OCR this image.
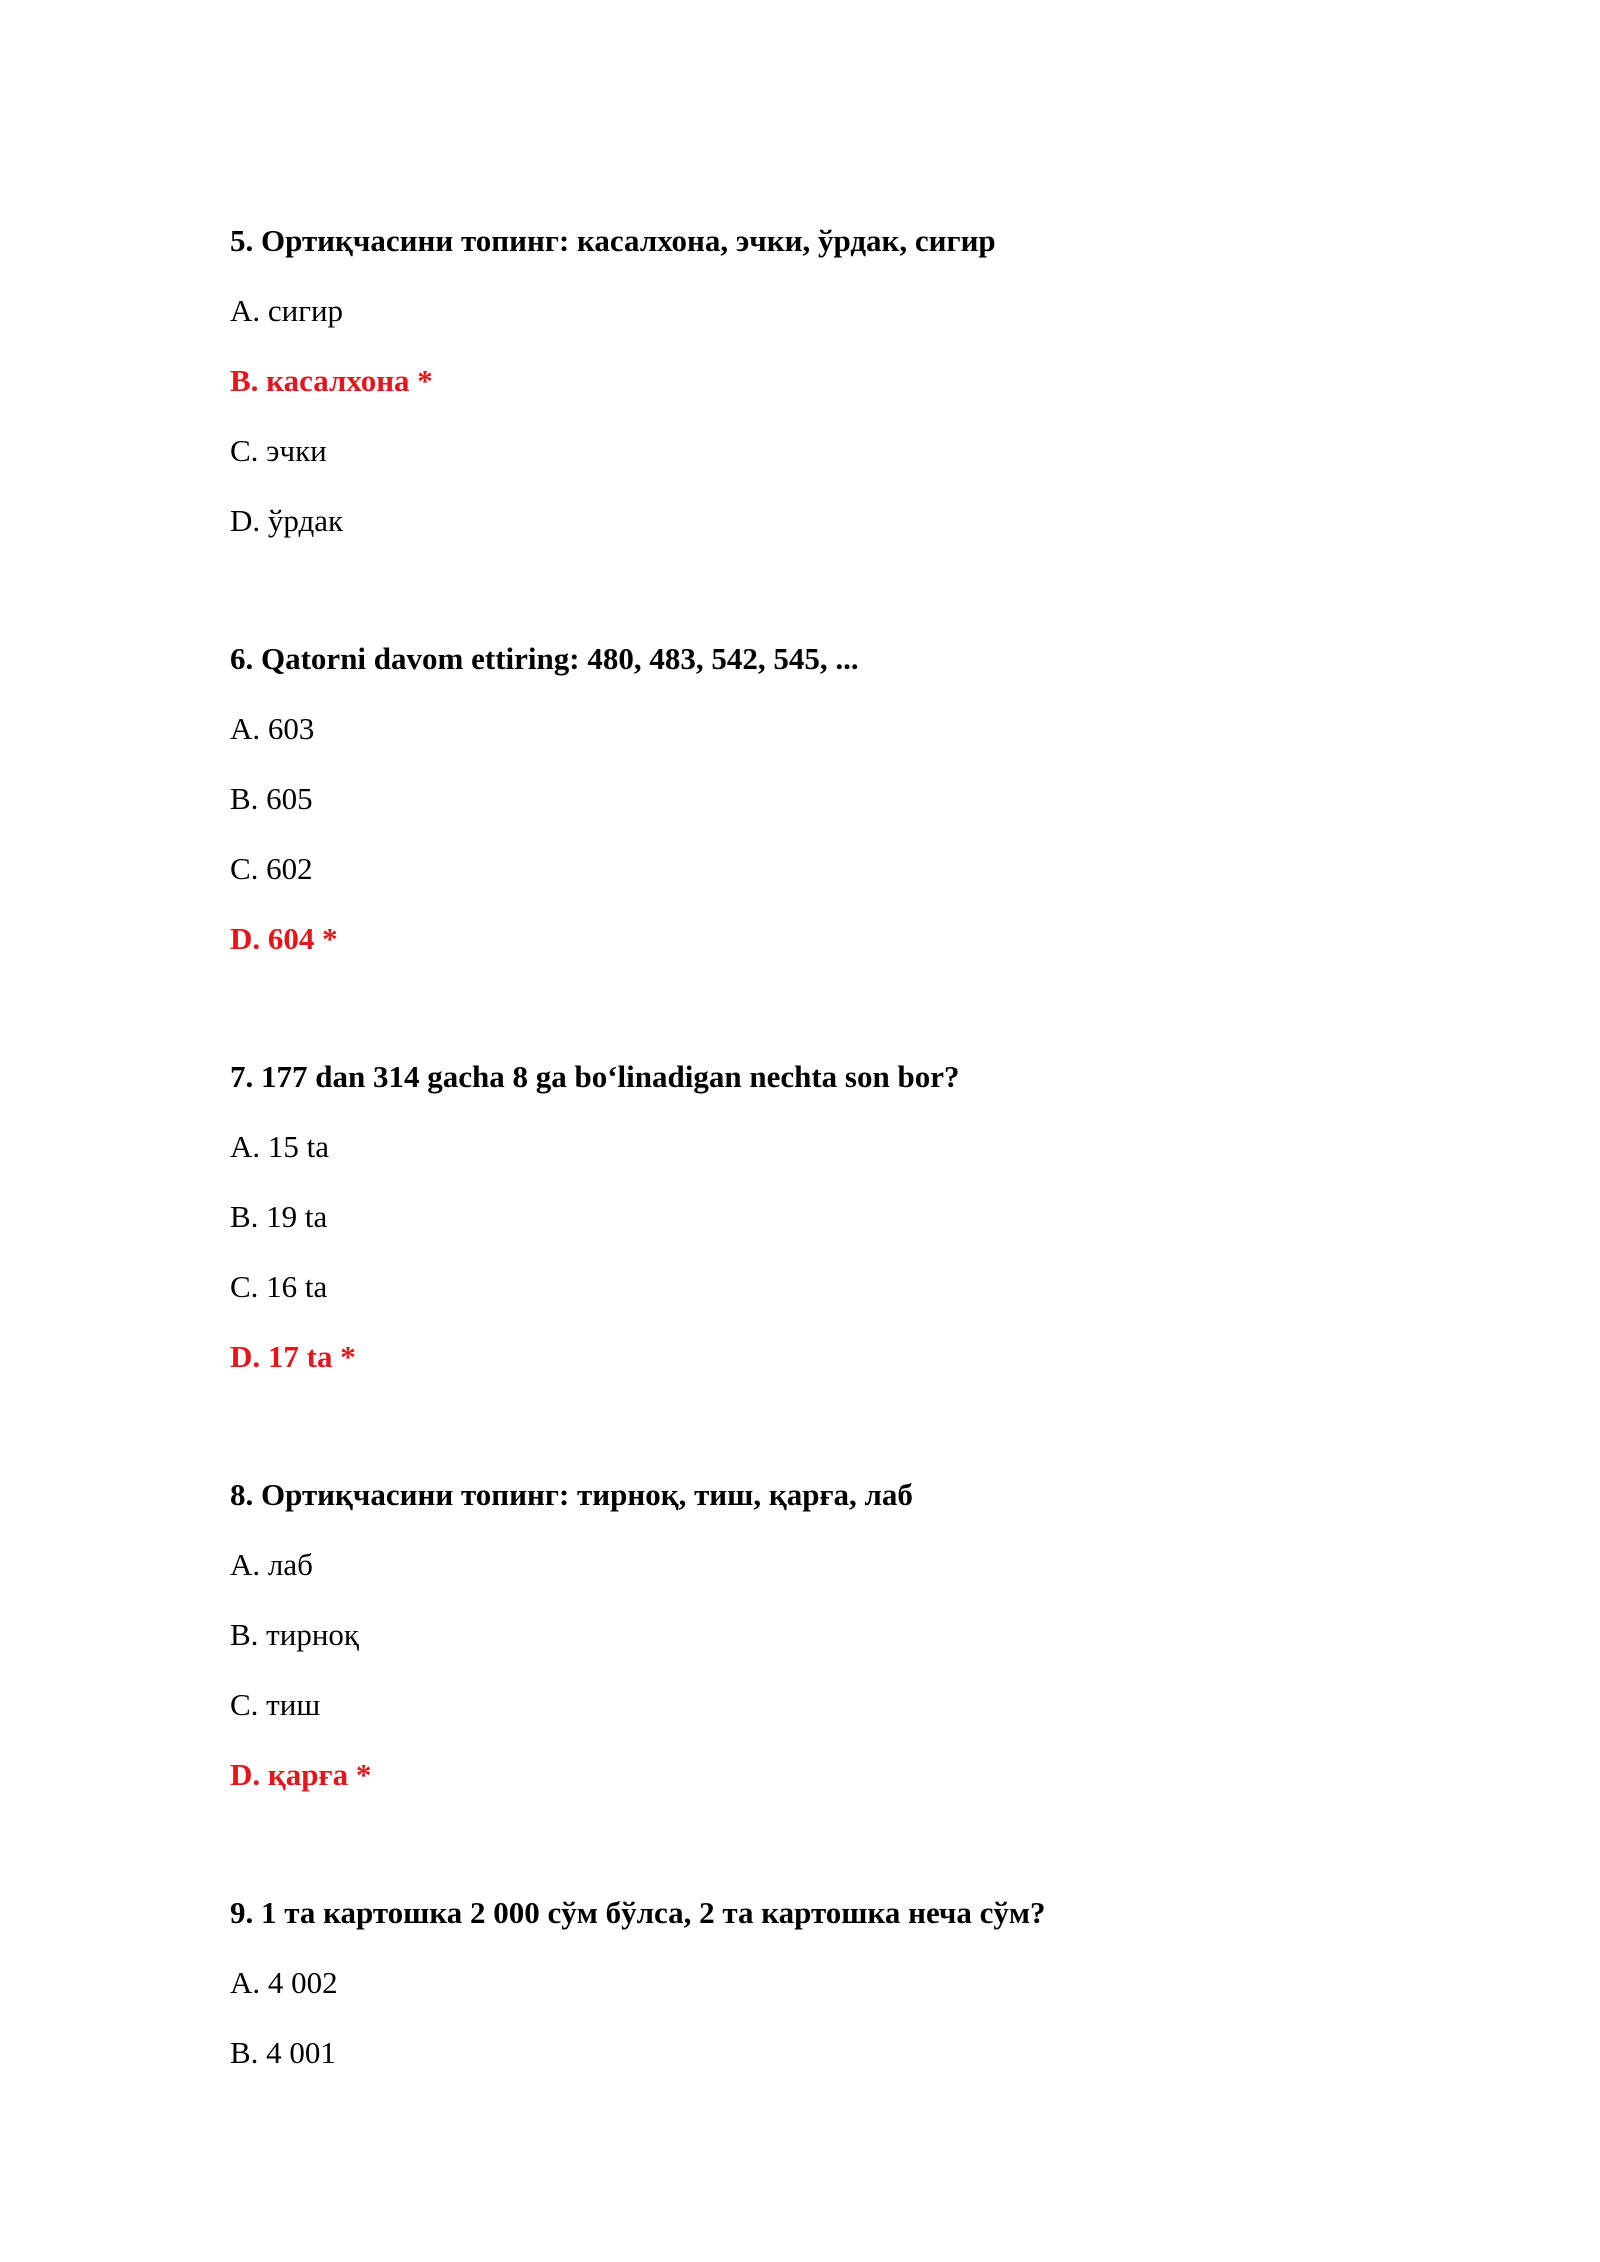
5. Ортиқчасини топинг: касалхона, эчки, ўрдак, сигир
A. сигир
B. касалхона *
C. эчки
D. ўрдак
6. Qatorni davom ettiring: 480, 483, 542, 545, ...
A. 603
B. 605
C. 602
D. 604 *
7. 177 dan 314 gacha 8 ga bo‘linadigan nechta son bor?
A. 15 ta
B. 19 ta
C. 16 ta
D. 17 ta *
8. Ортиқчасини топинг: тирноқ, тиш, қарға, лаб
A. лаб
B. тирноқ
C. тиш
D. қарға *
9. 1 та картошка 2 000 сўм бўлса, 2 та картошка неча сўм?
A. 4 002
B. 4 001
